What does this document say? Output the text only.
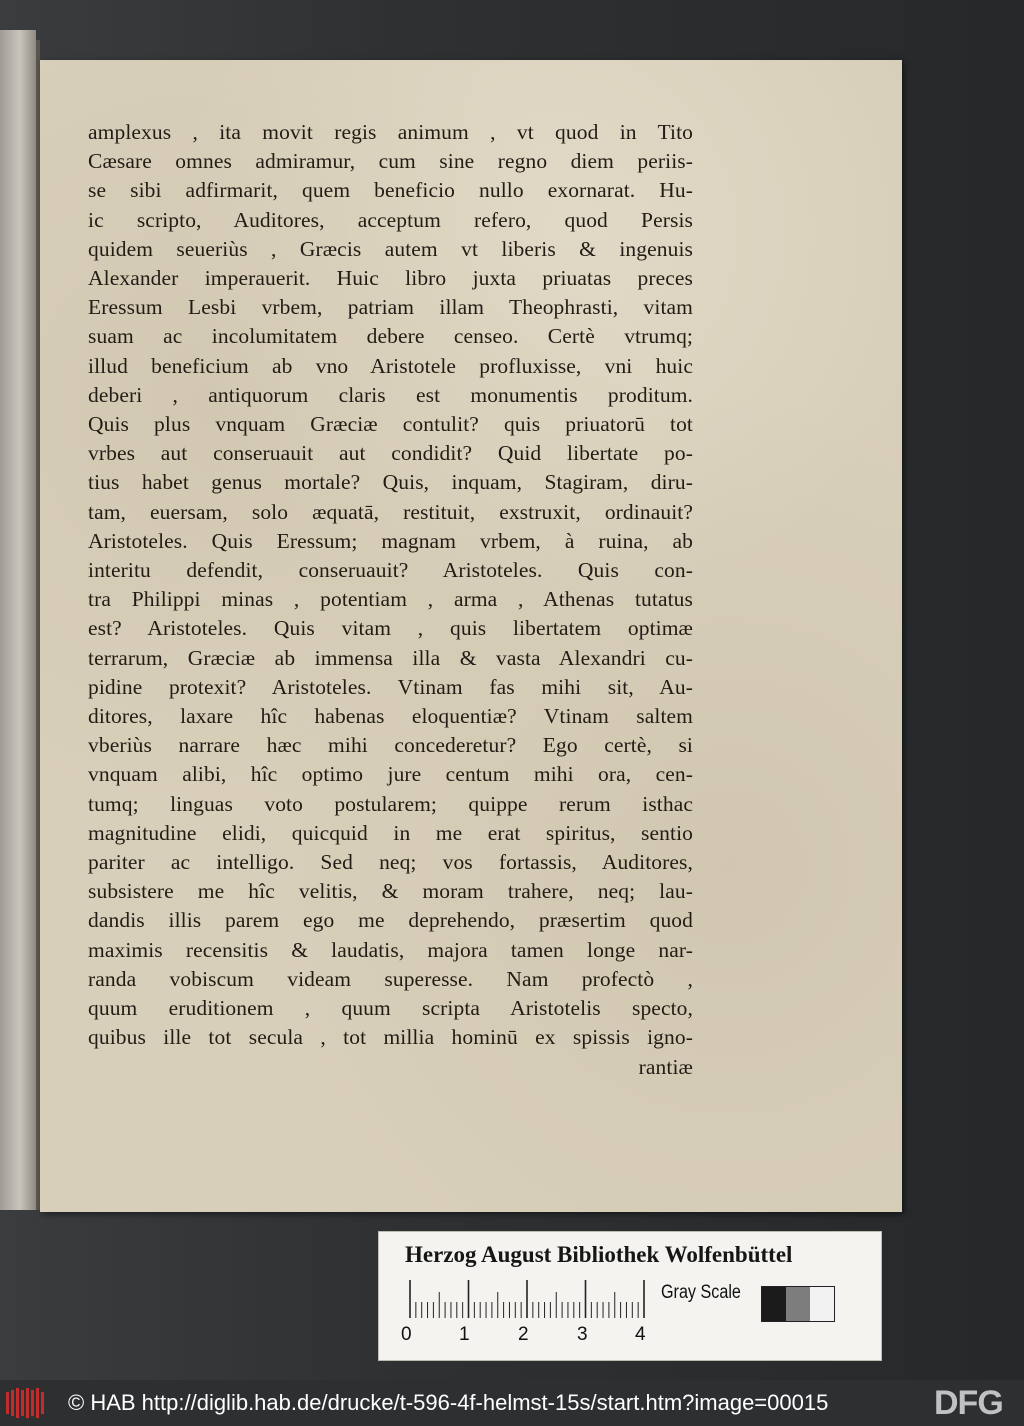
amplexus , ita movit regis animum , vt quod in Tito
Cæsare omnes admiramur, cum sine regno diem periis-
se sibi adfirmarit, quem beneficio nullo exornarat. Hu-
ic scripto, Auditores, acceptum refero, quod Persis
quidem seueriùs , Græcis autem vt liberis & ingenuis
Alexander imperauerit. Huic libro juxta priuatas preces
Eressum Lesbi vrbem, patriam illam Theophrasti, vitam
suam ac incolumitatem debere censeo. Certè vtrumq;
illud beneficium ab vno Aristotele profluxisse, vni huic
deberi , antiquorum claris est monumentis proditum.
Quis plus vnquam Græciæ contulit? quis priuatorū tot
vrbes aut conseruauit aut condidit? Quid libertate po-
tius habet genus mortale? Quis, inquam, Stagiram, diru-
tam, euersam, solo æquatā, restituit, exstruxit, ordinauit?
Aristoteles. Quis Eressum; magnam vrbem, à ruina, ab
interitu defendit, conseruauit? Aristoteles. Quis con-
tra Philippi minas , potentiam , arma , Athenas tutatus
est? Aristoteles. Quis vitam , quis libertatem optimæ
terrarum, Græciæ ab immensa illa & vasta Alexandri cu-
pidine protexit? Aristoteles. Vtinam fas mihi sit, Au-
ditores, laxare hîc habenas eloquentiæ? Vtinam saltem
vberiùs narrare hæc mihi concederetur? Ego certè, si
vnquam alibi, hîc optimo jure centum mihi ora, cen-
tumq; linguas voto postularem; quippe rerum isthac
magnitudine elidi, quicquid in me erat spiritus, sentio
pariter ac intelligo. Sed neq; vos fortassis, Auditores,
subsistere me hîc velitis, & moram trahere, neq; lau-
dandis illis parem ego me deprehendo, præsertim quod
maximis recensitis & laudatis, majora tamen longe nar-
randa vobiscum videam superesse. Nam profectò ,
quum eruditionem , quum scripta Aristotelis specto,
quibus ille tot secula , tot millia hominū ex spissis igno-
rantiæ
Herzog August Bibliothek Wolfenbüttel
0 1	2	3 4
Gray Scale
© HAB http://diglib.hab.de/drucke/t-596-4f-helmst-15s/start.htm?image=00015	DFG
